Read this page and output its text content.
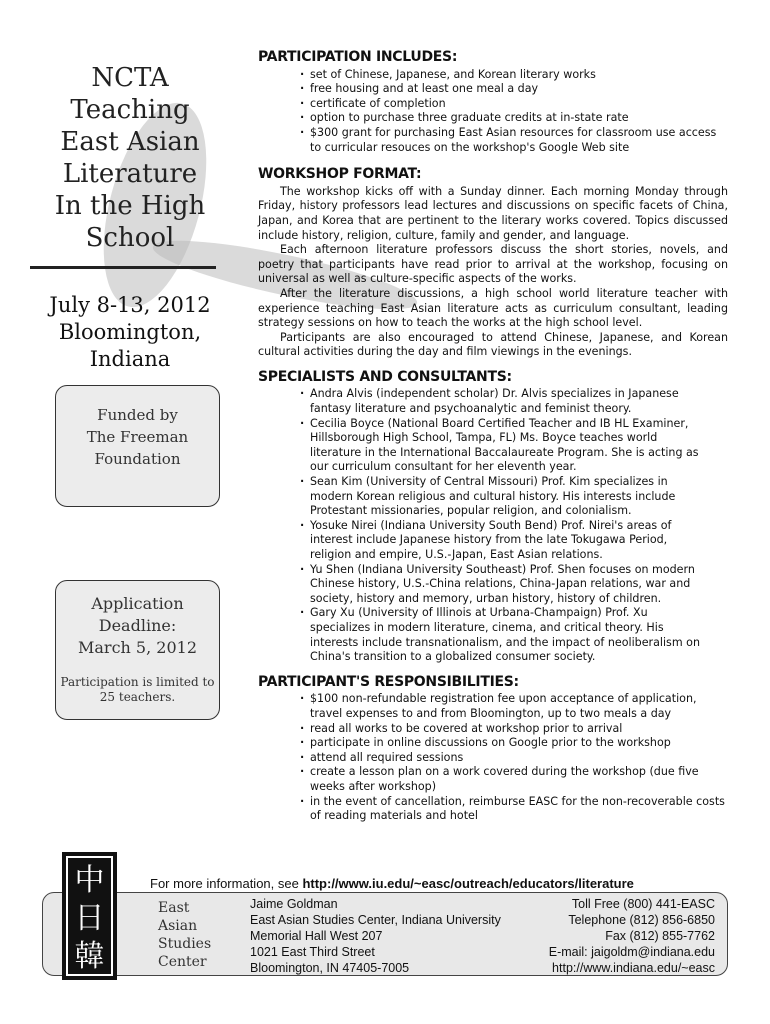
NCTA
Teaching
East Asian
Literature
In the High
School
July 8-13, 2012
Bloomington,
Indiana
Funded by
The Freeman
Foundation
Application
Deadline:
March 5, 2012
Participation is limited to 25 teachers.
PARTICIPATION INCLUDES:
· set of Chinese, Japanese, and Korean literary works
· free housing and at least one meal a day
· certificate of completion
· option to purchase three graduate credits at in-state rate
· $300 grant for purchasing East Asian resources for classroom use access to curricular resouces on the workshop's Google Web site
WORKSHOP FORMAT:

The workshop kicks off with a Sunday dinner. Each morning Monday through Friday, history professors lead lectures and discussions on specific facets of China, Japan, and Korea that are pertinent to the literary works covered. Topics discussed include history, religion, culture, family and gender, and language.

Each afternoon literature professors discuss the short stories, novels, and poetry that participants have read prior to arrival at the workshop, focusing on universal as well as culture-specific aspects of the works.

After the literature discussions, a high school world literature teacher with experience teaching East Asian literature acts as curriculum consultant, leading strategy sessions on how to teach the works at the high school level.

Participants are also encouraged to attend Chinese, Japanese, and Korean cultural activities during the day and film viewings in the evenings.

SPECIALISTS AND CONSULTANTS:
· Andra Alvis (independent scholar) Dr. Alvis specializes in Japanese fantasy literature and psychoanalytic and feminist theory.
· Cecilia Boyce (National Board Certified Teacher and IB HL Examiner, Hillsborough High School, Tampa, FL) Ms. Boyce teaches world literature in the International Baccalaureate Program. She is acting as our curriculum consultant for her eleventh year.
· Sean Kim (University of Central Missouri) Prof. Kim specializes in modern Korean religious and cultural history. His interests include Protestant missionaries, popular religion, and colonialism.
· Yosuke Nirei (Indiana University South Bend) Prof. Nirei's areas of interest include Japanese history from the late Tokugawa Period, religion and empire, U.S.-Japan, East Asian relations.
· Yu Shen (Indiana University Southeast) Prof. Shen focuses on modern Chinese history, U.S.-China relations, China-Japan relations, war and society, history and memory, urban history, history of children.
· Gary Xu (University of Illinois at Urbana-Champaign) Prof. Xu specializes in modern literature, cinema, and critical theory. His interests include transnationalism, and the impact of neoliberalism on China's transition to a globalized consumer society.
PARTICIPANT'S RESPONSIBILITIES:
· $100 non-refundable registration fee upon acceptance of application, travel expenses to and from Bloomington, up to two meals a day
· read all works to be covered at workshop prior to arrival
· participate in online discussions on Google prior to the workshop
· attend all required sessions
· create a lesson plan on a work covered during the workshop (due five weeks after workshop)
· in the event of cancellation, reimburse EASC for the non-recoverable costs of reading materials and hotel
中
日
韓
For more information, see http://www.iu.edu/~easc/outreach/educators/literature
East
Asian
Studies
Center
Jaime Goldman
East Asian Studies Center, Indiana University
Memorial Hall West 207
1021 East Third Street
Bloomington, IN 47405-7005
Toll Free (800) 441-EASC
Telephone (812) 856-6850
Fax (812) 855-7762
E-mail: jaigoldm@indiana.edu
http://www.indiana.edu/~easc
